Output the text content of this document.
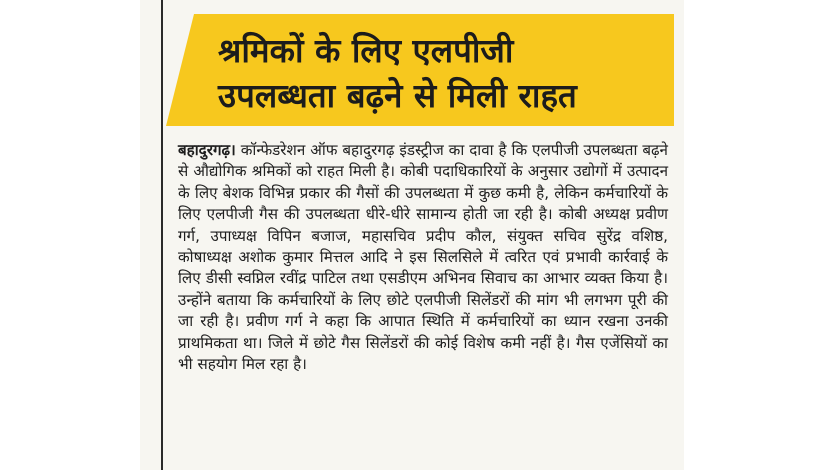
श्रमिकों के लिए एलपीजी
उपलब्धता बढ़ने से मिली राहत
बहादुरगढ़। कॉन्फेडरेशन ऑफ बहादुरगढ़ इंडस्ट्रीज का दावा है कि एलपीजी उपलब्धता बढ़ने से औद्योगिक श्रमिकों को राहत मिली है। कोबी पदाधिकारियों के अनुसार उद्योगों में उत्पादन के लिए बेशक विभिन्न प्रकार की गैसों की उपलब्धता में कुछ कमी है, लेकिन कर्मचारियों के लिए एलपीजी गैस की उपलब्धता धीरे-धीरे सामान्य होती जा रही है। कोबी अध्यक्ष प्रवीण गर्ग, उपाध्यक्ष विपिन बजाज, महासचिव प्रदीप कौल, संयुक्त सचिव सुरेंद्र वशिष्ठ, कोषाध्यक्ष अशोक कुमार मित्तल आदि ने इस सिलसिले में त्वरित एवं प्रभावी कार्रवाई के लिए डीसी स्वप्निल रवींद्र पाटिल तथा एसडीएम अभिनव सिवाच का आभार व्यक्त किया है। उन्होंने बताया कि कर्मचारियों के लिए छोटे एलपीजी सिलेंडरों की मांग भी लगभग पूरी की जा रही है। प्रवीण गर्ग ने कहा कि आपात स्थिति में कर्मचारियों का ध्यान रखना उनकी प्राथमिकता था। जिले में छोटे गैस सिलेंडरों की कोई विशेष कमी नहीं है। गैस एजेंसियों का भी सहयोग मिल रहा है।
